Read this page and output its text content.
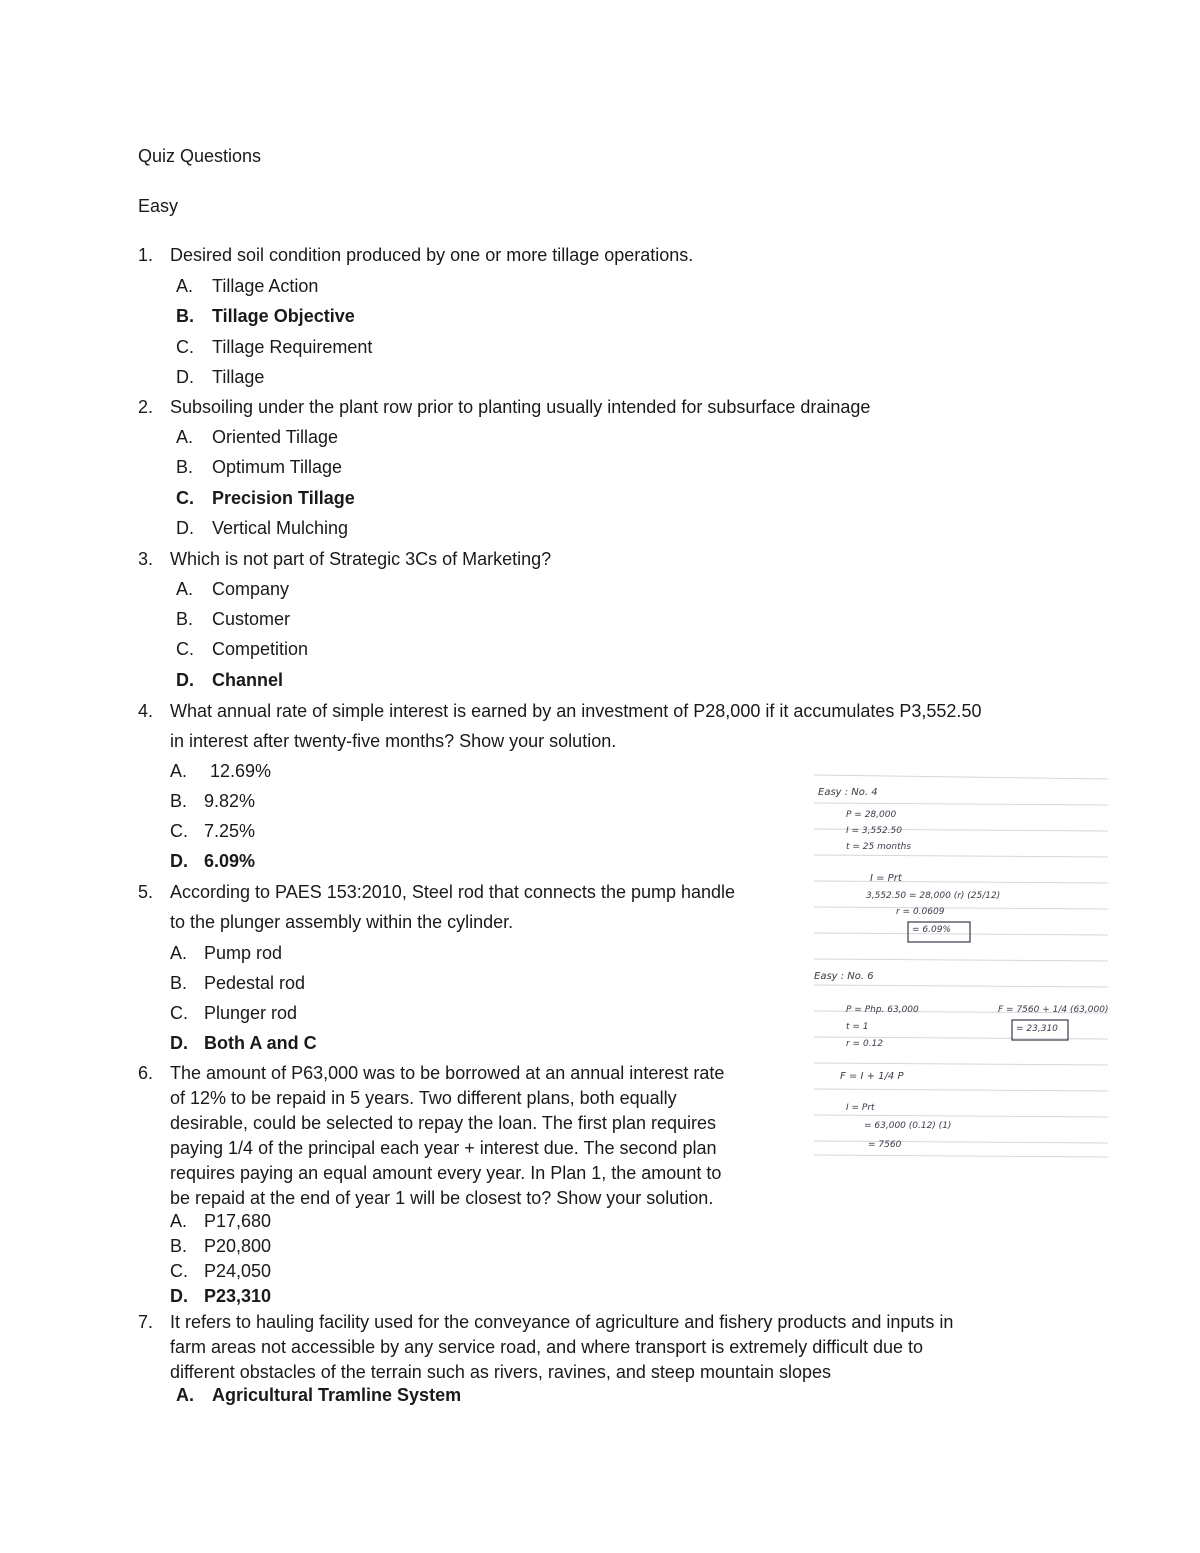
Quiz Questions
Easy
1. Desired soil condition produced by one or more tillage operations.
A. Tillage Action
B. Tillage Objective
C. Tillage Requirement
D. Tillage
2. Subsoiling under the plant row prior to planting usually intended for subsurface drainage
A. Oriented Tillage
B. Optimum Tillage
C. Precision Tillage
D. Vertical Mulching
3. Which is not part of Strategic 3Cs of Marketing?
A. Company
B. Customer
C. Competition
D. Channel
4. What annual rate of simple interest is earned by an investment of P28,000 if it accumulates P3,552.50
in interest after twenty-five months? Show your solution.
A. 12.69%
B. 9.82%
C. 7.25%
D. 6.09%
5. According to PAES 153:2010, Steel rod that connects the pump handle
to the plunger assembly within the cylinder.
A. Pump rod
B. Pedestal rod
C. Plunger rod
D. Both A and C
6. The amount of P63,000 was to be borrowed at an annual interest rate
of 12% to be repaid in 5 years. Two different plans, both equally
desirable, could be selected to repay the loan. The first plan requires
paying 1/4 of the principal each year + interest due. The second plan
requires paying an equal amount every year. In Plan 1, the amount to
be repaid at the end of year 1 will be closest to? Show your solution.
A. P17,680
B. P20,800
C. P24,050
D. P23,310
7. It refers to hauling facility used for the conveyance of agriculture and fishery products and inputs in
farm areas not accessible by any service road, and where transport is extremely difficult due to
different obstacles of the terrain such as rivers, ravines, and steep mountain slopes
A. Agricultural Tramline System
Easy : No. 4
P = 28,000
I = 3,552.50
t = 25 months
I = Prt
3,552.50 = 28,000 (r) (25/12)
r = 0.0609
= 6.09%
Easy : No. 6
P = Php. 63,000
t = 1
r = 0.12
F = 7560 + 1/4 (63,000)
= 23,310
F = I + 1/4 P
I = Prt
= 63,000 (0.12) (1)
= 7560
